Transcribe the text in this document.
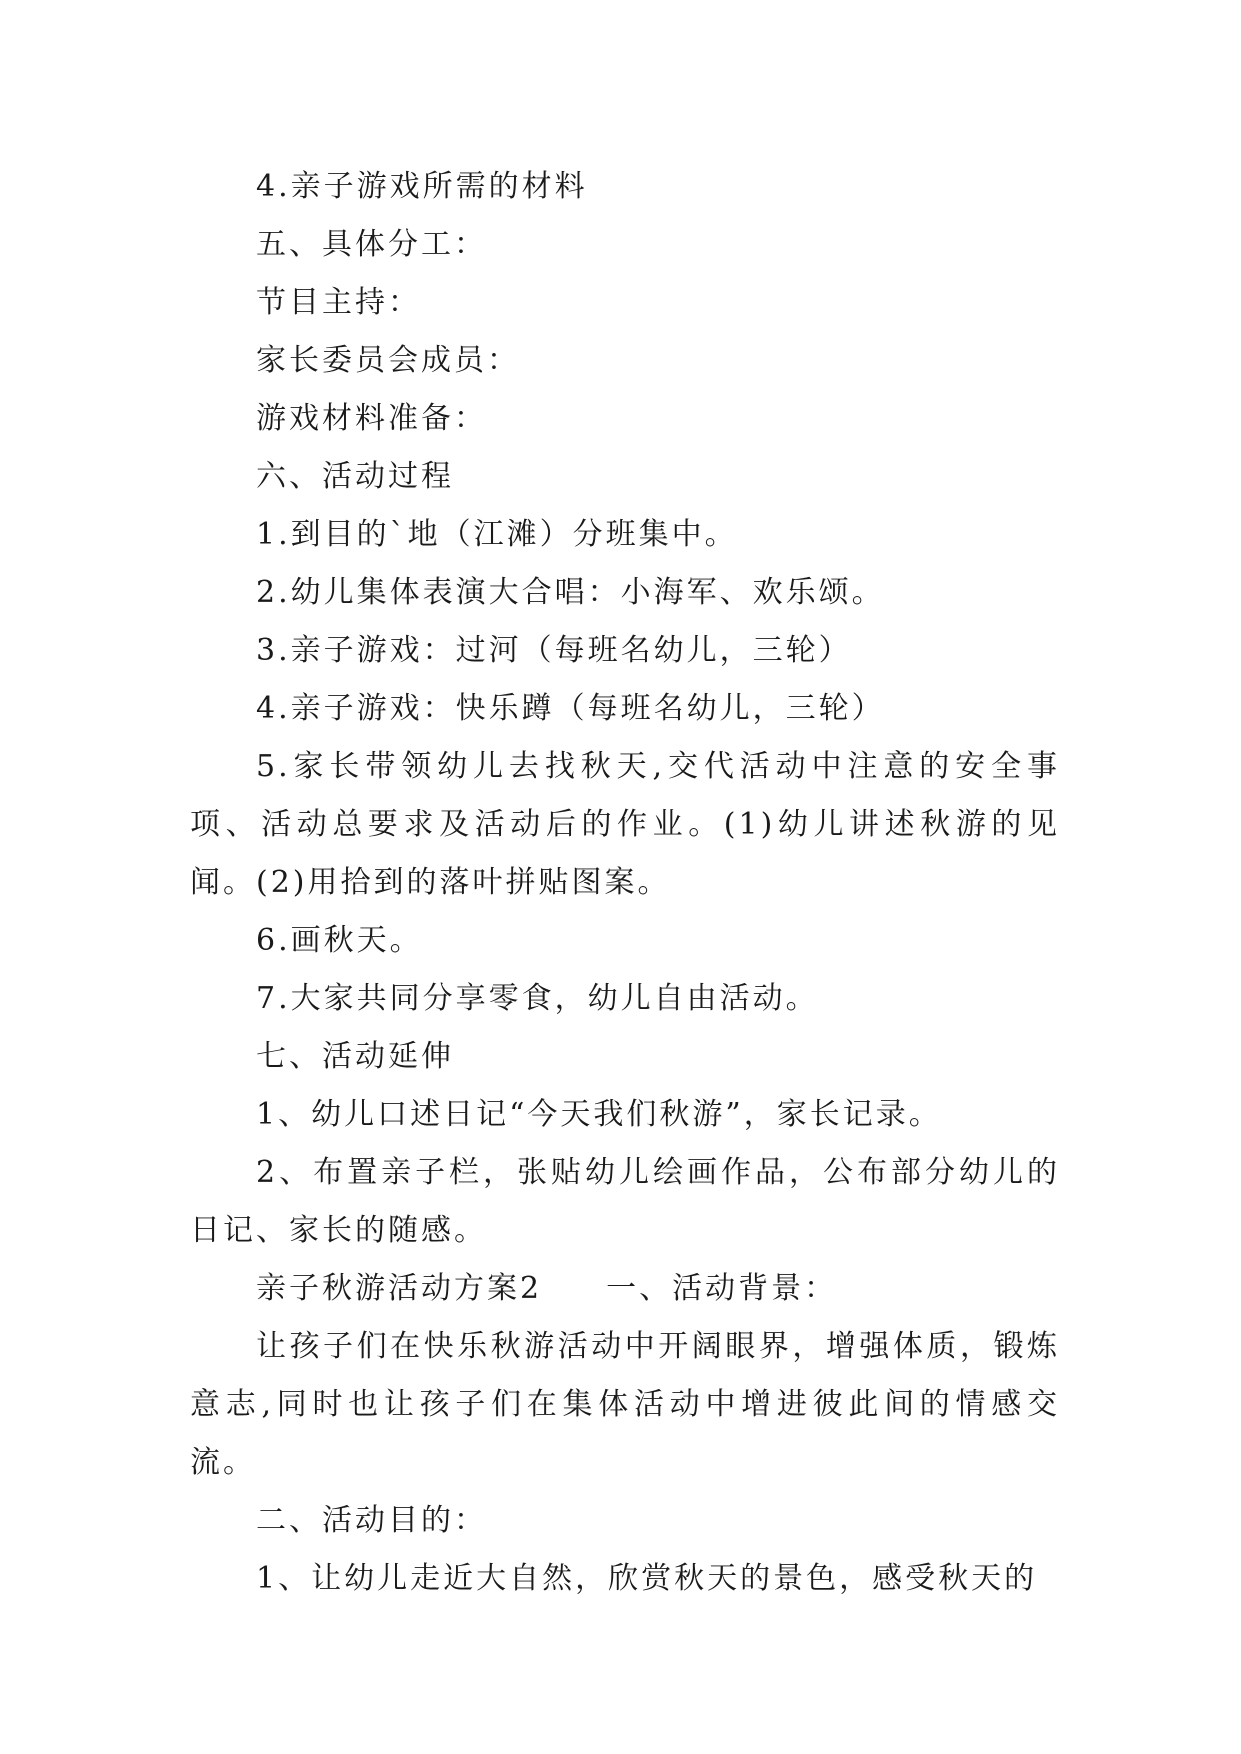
4.亲子游戏所需的材料

五、具体分工：

节目主持：

家长委员会成员：

游戏材料准备：

六、活动过程

1.到目的`地（江滩）分班集中。

2.幼儿集体表演大合唱：小海军、欢乐颂。

3.亲子游戏：过河（每班名幼儿，三轮）

4.亲子游戏：快乐蹲（每班名幼儿，三轮）

5.家长带领幼儿去找秋天,交代活动中注意的安全事项、活动总要求及活动后的作业。(1)幼儿讲述秋游的见闻。(2)用拾到的落叶拼贴图案。

6.画秋天。

7.大家共同分享零食，幼儿自由活动。

七、活动延伸

1、幼儿口述日记“今天我们秋游”，家长记录。

2、布置亲子栏，张贴幼儿绘画作品，公布部分幼儿的日记、家长的随感。

亲子秋游活动方案2 一、活动背景：

让孩子们在快乐秋游活动中开阔眼界，增强体质，锻炼意志,同时也让孩子们在集体活动中增进彼此间的情感交流。

二、活动目的：

1、让幼儿走近大自然，欣赏秋天的景色，感受秋天的
